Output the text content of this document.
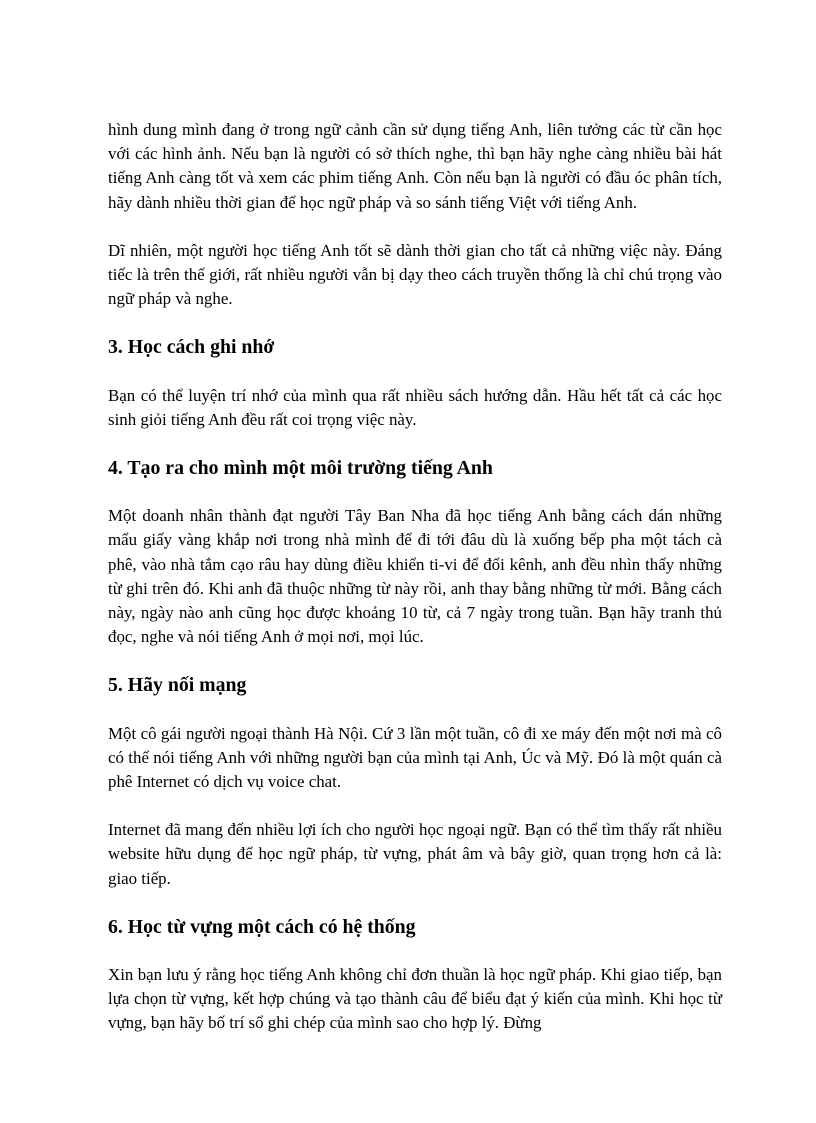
hình dung mình đang ở trong ngữ cảnh cần sử dụng tiếng Anh, liên tưởng các từ cần học với các hình ảnh. Nếu bạn là người có sở thích nghe, thì bạn hãy nghe càng nhiều bài hát tiếng Anh càng tốt và xem các phim tiếng Anh. Còn nếu bạn là người có đầu óc phân tích, hãy dành nhiều thời gian để học ngữ pháp và so sánh tiếng Việt với tiếng Anh.

Dĩ nhiên, một người học tiếng Anh tốt sẽ dành thời gian cho tất cả những việc này. Đáng tiếc là trên thế giới, rất nhiều người vẫn bị dạy theo cách truyền thống là chỉ chú trọng vào ngữ pháp và nghe.

3. Học cách ghi nhớ

Bạn có thể luyện trí nhớ của mình qua rất nhiều sách hướng dẫn. Hầu hết tất cả các học sinh giỏi tiếng Anh đều rất coi trọng việc này.

4. Tạo ra cho mình một môi trường tiếng Anh

Một doanh nhân thành đạt người Tây Ban Nha đã học tiếng Anh bằng cách dán những mẩu giấy vàng khắp nơi trong nhà mình để đi tới đâu dù là xuống bếp pha một tách cà phê, vào nhà tắm cạo râu hay dùng điều khiển ti-vi để đổi kênh, anh đều nhìn thấy những từ ghi trên đó. Khi anh đã thuộc những từ này rồi, anh thay bằng những từ mới. Bằng cách này, ngày nào anh cũng học được khoảng 10 từ, cả 7 ngày trong tuần. Bạn hãy tranh thủ đọc, nghe và nói tiếng Anh ở mọi nơi, mọi lúc.

5. Hãy nối mạng

Một cô gái người ngoại thành Hà Nội. Cứ 3 lần một tuần, cô đi xe máy đến một nơi mà cô có thể nói tiếng Anh với những người bạn của mình tại Anh, Úc và Mỹ. Đó là một quán cà phê Internet có dịch vụ voice chat.

Internet đã mang đến nhiều lợi ích cho người học ngoại ngữ. Bạn có thể tìm thấy rất nhiều website hữu dụng để học ngữ pháp, từ vựng, phát âm và bây giờ, quan trọng hơn cả là: giao tiếp.

6. Học từ vựng một cách có hệ thống

Xin bạn lưu ý rằng học tiếng Anh không chỉ đơn thuần là học ngữ pháp. Khi giao tiếp, bạn lựa chọn từ vựng, kết hợp chúng và tạo thành câu để biểu đạt ý kiến của mình. Khi học từ vựng, bạn hãy bố trí sổ ghi chép của mình sao cho hợp lý. Đừng
